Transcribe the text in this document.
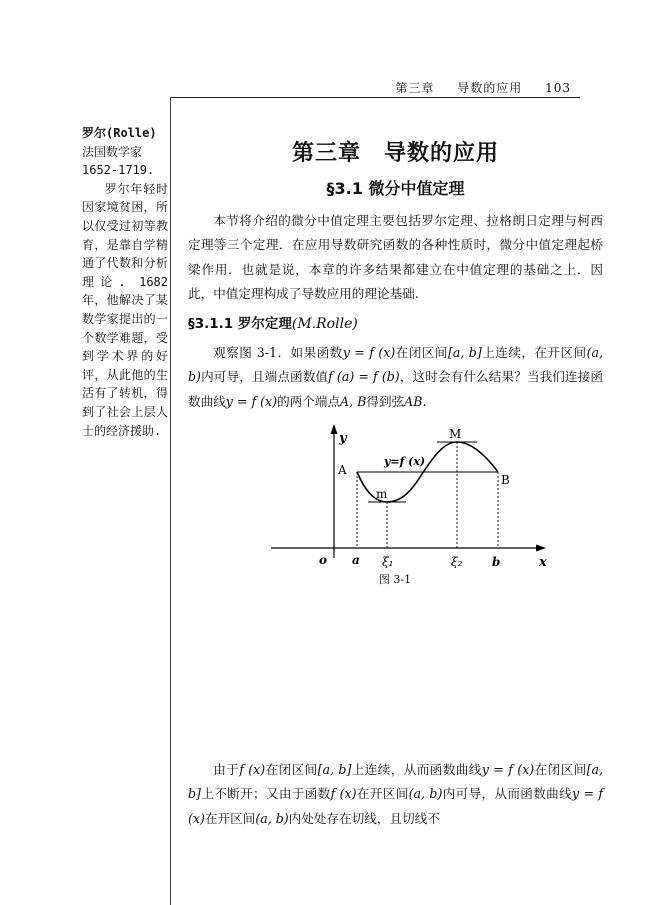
第三章 导数的应用 103

罗尔(Rolle)

法国数学家

1652-1719.

罗尔年轻时因家境贫困，所以仅受过初等教育，是靠自学精通了代数和分析理论. 1682 年，他解决了某数学家提出的一个数学难题，受到学术界的好评，从此他的生活有了转机，得到了社会上层人士的经济援助.

第三章　导数的应用
§3.1 微分中值定理

本节将介绍的微分中值定理主要包括罗尔定理、拉格朗日定理与柯西定理等三个定理．在应用导数研究函数的各种性质时，微分中值定理起桥梁作用．也就是说，本章的许多结果都建立在中值定理的基础之上．因此，中值定理构成了导数应用的理论基础.

§3.1.1 罗尔定理(M.Rolle)

观察图 3-1．如果函数y = f (x)在闭区间[a, b]上连续，在开区间(a, b)内可导，且端点函数值f (a) = f (b)，这时会有什么结果？当我们连接函数曲线y = f (x)的两个端点A, B得到弦AB.

y
x
o a	b
ξ₁	ξ₂
A
B
M
m
y=f (x)
图 3-1

由于f (x)在闭区间[a, b]上连续，从而函数曲线y = f (x)在闭区间[a, b]上不断开；又由于函数f (x)在开区间(a, b)内可导，从而函数曲线y = f (x)在开区间(a, b)内处处存在切线，且切线不
